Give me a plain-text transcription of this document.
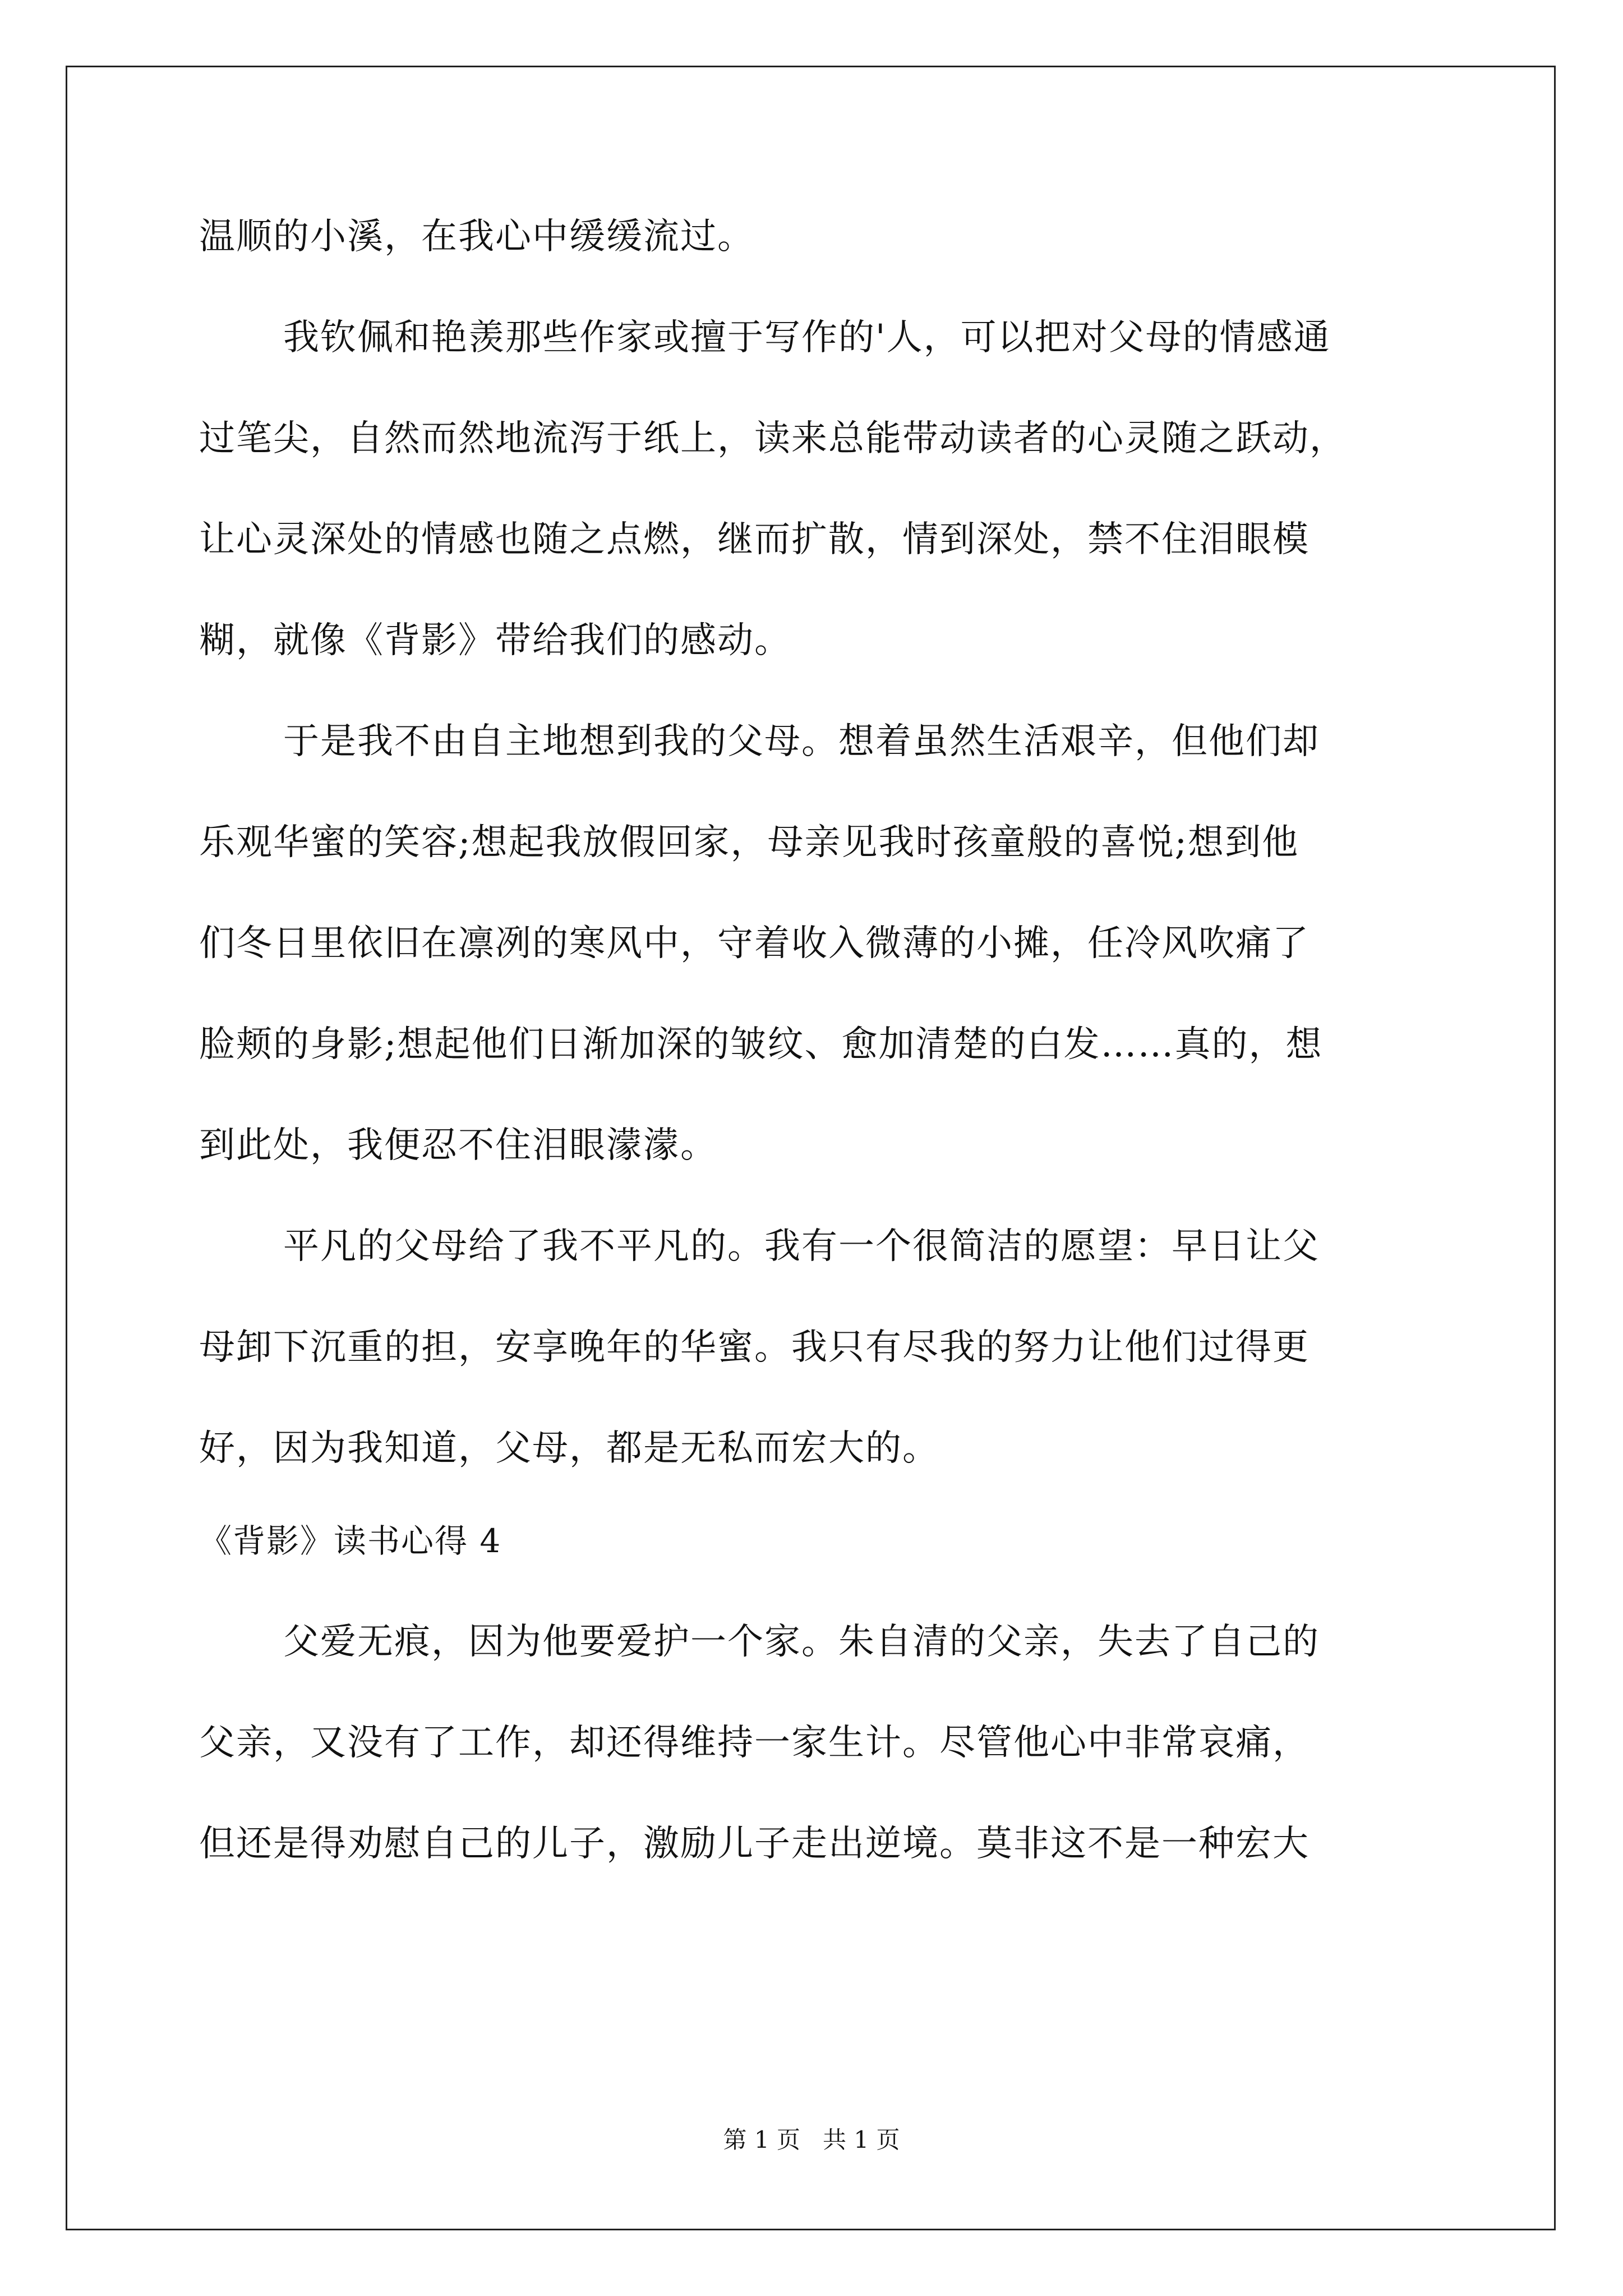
温顺的小溪，在我心中缓缓流过。
我钦佩和艳羡那些作家或擅于写作的'人，可以把对父母的情感通
过笔尖，自然而然地流泻于纸上，读来总能带动读者的心灵随之跃动，
让心灵深处的情感也随之点燃，继而扩散，情到深处，禁不住泪眼模
糊，就像《背影》带给我们的感动。
于是我不由自主地想到我的父母。想着虽然生活艰辛，但他们却
乐观华蜜的笑容;想起我放假回家，母亲见我时孩童般的喜悦;想到他
们冬日里依旧在凛冽的寒风中，守着收入微薄的小摊，任冷风吹痛了
脸颊的身影;想起他们日渐加深的皱纹、愈加清楚的白发……真的，想
到此处，我便忍不住泪眼濛濛。
平凡的父母给了我不平凡的。我有一个很简洁的愿望：早日让父
母卸下沉重的担，安享晚年的华蜜。我只有尽我的努力让他们过得更
好，因为我知道，父母，都是无私而宏大的。
《背影》读书心得 4
父爱无痕，因为他要爱护一个家。朱自清的父亲，失去了自己的
父亲，又没有了工作，却还得维持一家生计。尽管他心中非常哀痛，
但还是得劝慰自己的儿子，激励儿子走出逆境。莫非这不是一种宏大
第 1 页   共 1 页
